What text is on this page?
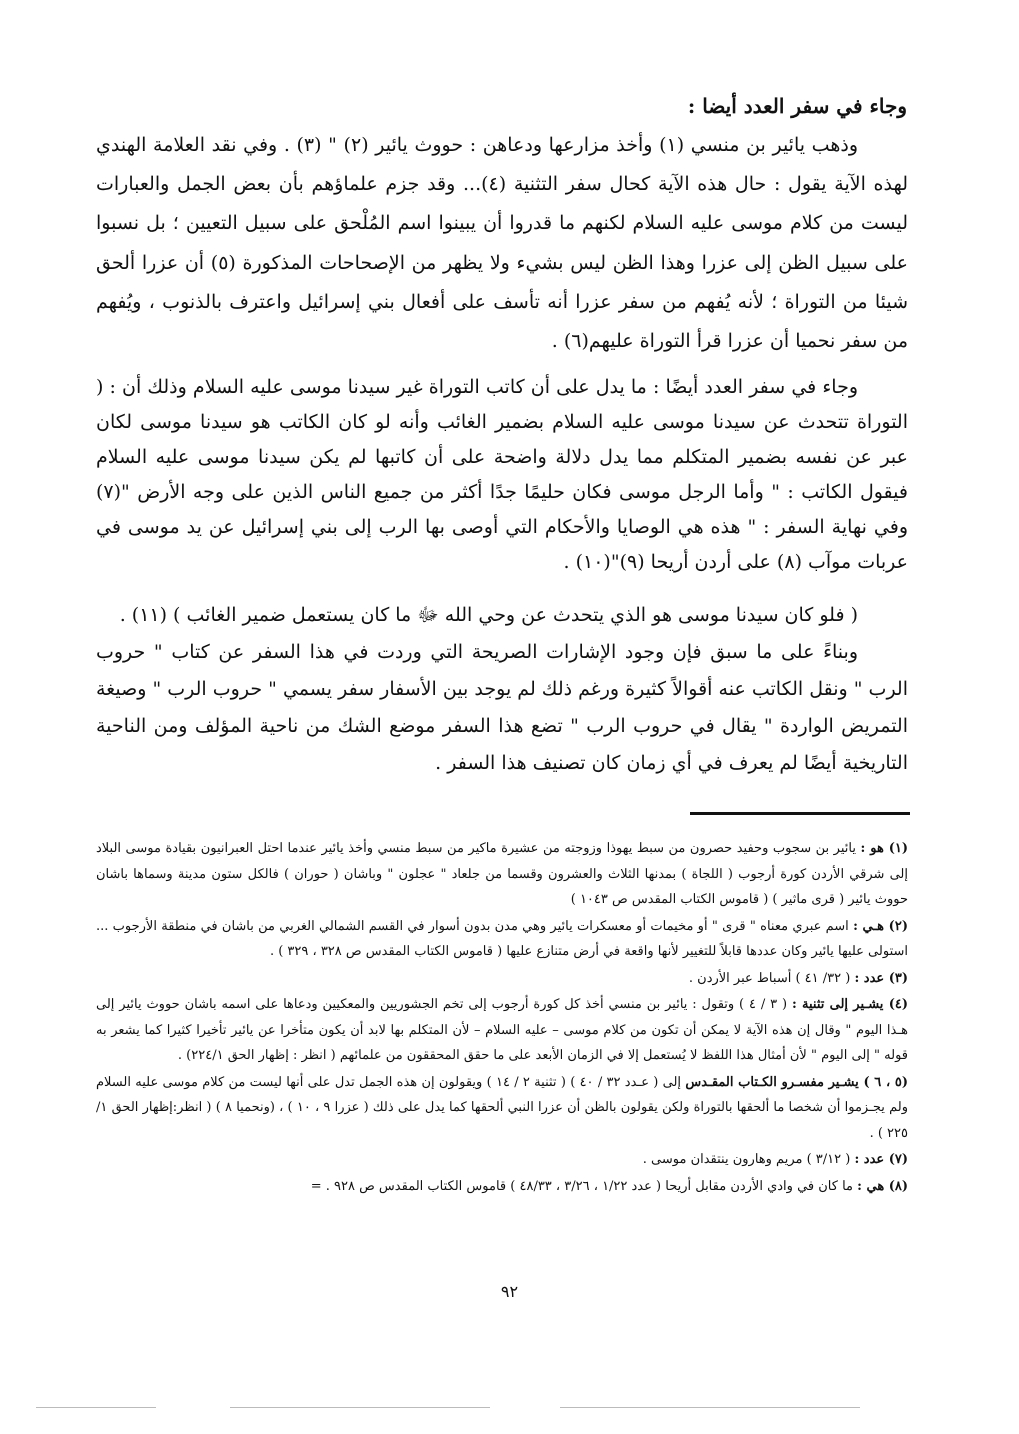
وجاء في سفر العدد أيضا :
وذهب يائير بن منسي (١) وأخذ مزارعها ودعاهن : حووث يائير (٢) " (٣) . وفي نقد العلامة الهندي لهذه الآية يقول : حال هذه الآية كحال سفر التثنية (٤)... وقد جزم علماؤهم بأن بعض الجمل والعبارات ليست من كلام موسى عليه السلام لكنهم ما قدروا أن يبينوا اسم المُلْحق على سبيل التعيين ؛ بل نسبوا على سبيل الظن إلى عزرا وهذا الظن ليس بشيء ولا يظهر من الإصحاحات المذكورة (٥) أن عزرا ألحق شيئا من التوراة ؛ لأنه يُفهم من سفر عزرا أنه تأسف على أفعال بني إسرائيل واعترف بالذنوب ، ويُفهم من سفر نحميا أن عزرا قرأ التوراة عليهم(٦) .
وجاء في سفر العدد أيضًا : ما يدل على أن كاتب التوراة غير سيدنا موسى عليه السلام وذلك أن : ( التوراة تتحدث عن سيدنا موسى عليه السلام بضمير الغائب وأنه لو كان الكاتب هو سيدنا موسى لكان عبر عن نفسه بضمير المتكلم مما يدل دلالة واضحة على أن كاتبها لم يكن سيدنا موسى عليه السلام فيقول الكاتب : " وأما الرجل موسى فكان حليمًا جدًا أكثر من جميع الناس الذين على وجه الأرض "(٧) وفي نهاية السفر : " هذه هي الوصايا والأحكام التي أوصى بها الرب إلى بني إسرائيل عن يد موسى في عربات موآب (٨) على أردن أريحا (٩)"(١٠) .
( فلو كان سيدنا موسى هو الذي يتحدث عن وحي الله ﷻ ما كان يستعمل ضمير الغائب ) (١١) .
وبناءً على ما سبق فإن وجود الإشارات الصريحة التي وردت في هذا السفر عن كتاب " حروب الرب " ونقل الكاتب عنه أقوالاً كثيرة ورغم ذلك لم يوجد بين الأسفار سفر يسمي " حروب الرب " وصيغة التمريض الواردة " يقال في حروب الرب " تضع هذا السفر موضع الشك من ناحية المؤلف ومن الناحية التاريخية أيضًا لم يعرف في أي زمان كان تصنيف هذا السفر .
(١) هو : يائير بن سجوب وحفيد حصرون من سبط يهوذا وزوجته من عشيرة ماكير من سبط منسي وأخذ يائير عندما احتل العبرانيون بقيادة موسى البلاد إلى شرقي الأردن كورة أرجوب ( اللجاة ) بمدنها الثلاث والعشرون وقسما من جلعاد " عجلون " وباشان ( حوران ) فالكل ستون مدينة وسماها باشان حووث يائير ( قرى ماثير ) ( قاموس الكتاب المقدس ص ١٠٤٣ )
(٢) هـي : اسم عبري معناه " قرى " أو مخيمات أو معسكرات يائير وهي مدن بدون أسوار في القسم الشمالي الغربي من باشان في منطقة الأرجوب ... استولى عليها يائير وكان عددها قابلاً للتغيير لأنها واقعة في أرض متنازع عليها ( قاموس الكتاب المقدس ص ٣٢٨ ، ٣٢٩ ) .
(٣) عدد : ( ٣٢/ ٤١ ) أسباط عبر الأردن .
(٤) يشـير إلى تثنية : ( ٣ / ٤ ) وتقول : يائير بن منسي أخذ كل كورة أرجوب إلى تخم الجشوريين والمعكيين ودعاها على اسمه باشان حووث يائير إلى هـذا اليوم " وقال إن هذه الآية لا يمكن أن تكون من كلام موسى – عليه السلام – لأن المتكلم بها لابد أن يكون متأخرا عن يائير تأخيرا كثيرا كما يشعر به قوله " إلى اليوم " لأن أمثال هذا اللفظ لا يُستعمل إلا في الزمان الأبعد على ما حقق المحققون من علمائهم ( انظر : إظهار الحق ٢٢٤/١) .
(٥ ، ٦ ) يشـير مفسـرو الكـتاب المقـدس إلى ( عـدد ٣٢ / ٤٠ ) ( تثنية ٢ / ١٤ ) ويقولون إن هذه الجمل تدل على أنها ليست من كلام موسى عليه السلام ولم يجـزموا أن شخصا ما ألحقها بالتوراة ولكن يقولون بالظن أن عزرا النبي ألحقها كما يدل على ذلك ( عزرا ٩ ، ١٠ ) ، (ونحميا ٨ ) ( انظر:إظهار الحق ١/ ٢٢٥ ) .
(٧) عدد : ( ٣/١٢ ) مريم وهارون ينتقدان موسى .
(٨) هي : ما كان في وادي الأردن مقابل أريحا ( عدد ١/٢٢ ، ٣/٢٦ ، ٤٨/٣٣ ) قاموس الكتاب المقدس ص ٩٢٨ . =
٩٢
